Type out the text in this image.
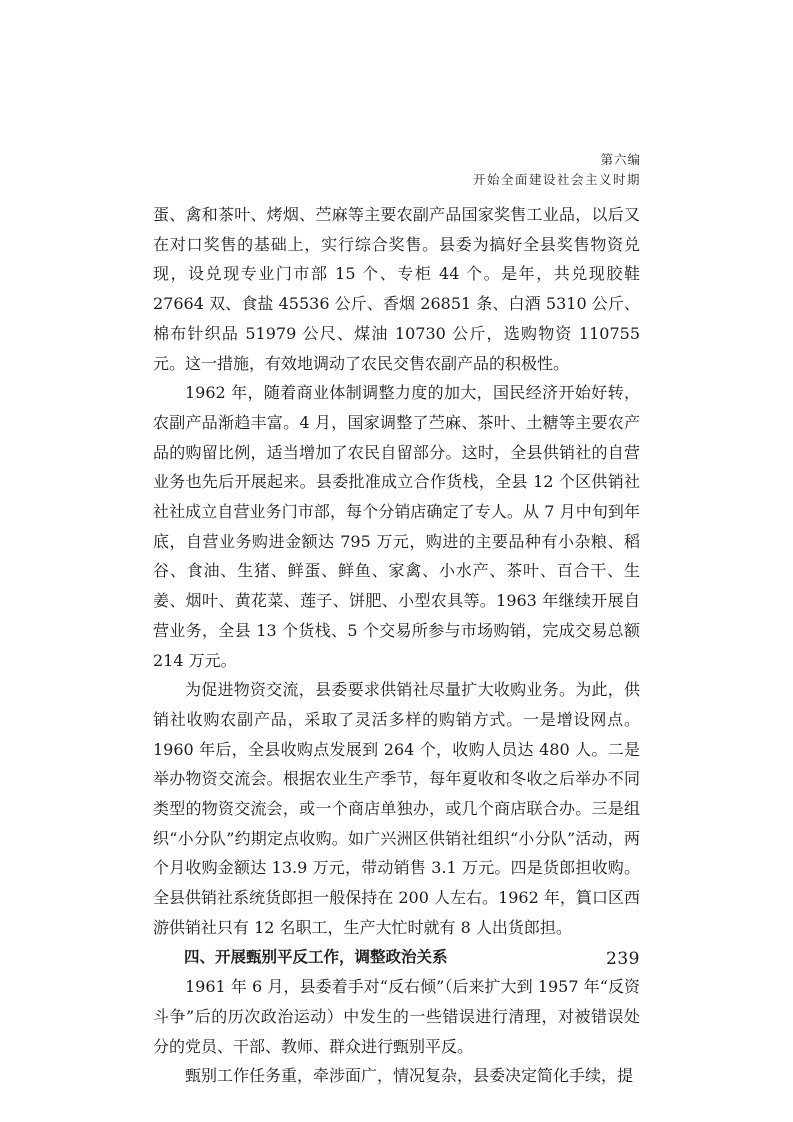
第六编
开始全面建设社会主义时期

蛋、禽和茶叶、烤烟、苎麻等主要农副产品国家奖售工业品，以后又在对口奖售的基础上，实行综合奖售。县委为搞好全县奖售物资兑现，设兑现专业门市部 15 个、专柜 44 个。是年，共兑现胶鞋 27664 双、食盐 45536 公斤、香烟 26851 条、白酒 5310 公斤、棉布针织品 51979 公尺、煤油 10730 公斤，选购物资 110755 元。这一措施，有效地调动了农民交售农副产品的积极性。

1962 年，随着商业体制调整力度的加大，国民经济开始好转，农副产品渐趋丰富。4 月，国家调整了苎麻、茶叶、土糖等主要农产品的购留比例，适当增加了农民自留部分。这时，全县供销社的自营业务也先后开展起来。县委批准成立合作货栈，全县 12 个区供销社社社成立自营业务门市部，每个分销店确定了专人。从 7 月中旬到年底，自营业务购进金额达 795 万元，购进的主要品种有小杂粮、稻谷、食油、生猪、鲜蛋、鲜鱼、家禽、小水产、茶叶、百合干、生姜、烟叶、黄花菜、莲子、饼肥、小型农具等。1963 年继续开展自营业务，全县 13 个货栈、5 个交易所参与市场购销，完成交易总额 214 万元。

为促进物资交流，县委要求供销社尽量扩大收购业务。为此，供销社收购农副产品，采取了灵活多样的购销方式。一是增设网点。1960 年后，全县收购点发展到 264 个，收购人员达 480 人。二是举办物资交流会。根据农业生产季节，每年夏收和冬收之后举办不同类型的物资交流会，或一个商店单独办，或几个商店联合办。三是组织“小分队”约期定点收购。如广兴洲区供销社组织“小分队”活动，两个月收购金额达 13.9 万元，带动销售 3.1 万元。四是货郎担收购。全县供销社系统货郎担一般保持在 200 人左右。1962 年，篔口区西游供销社只有 12 名职工，生产大忙时就有 8 人出货郎担。

四、开展甄别平反工作，调整政治关系

1961 年 6 月，县委着手对“反右倾”（后来扩大到 1957 年“反资斗争”后的历次政治运动）中发生的一些错误进行清理，对被错误处分的党员、干部、教师、群众进行甄别平反。

甄别工作任务重，牵涉面广，情况复杂，县委决定简化手续，提

239
